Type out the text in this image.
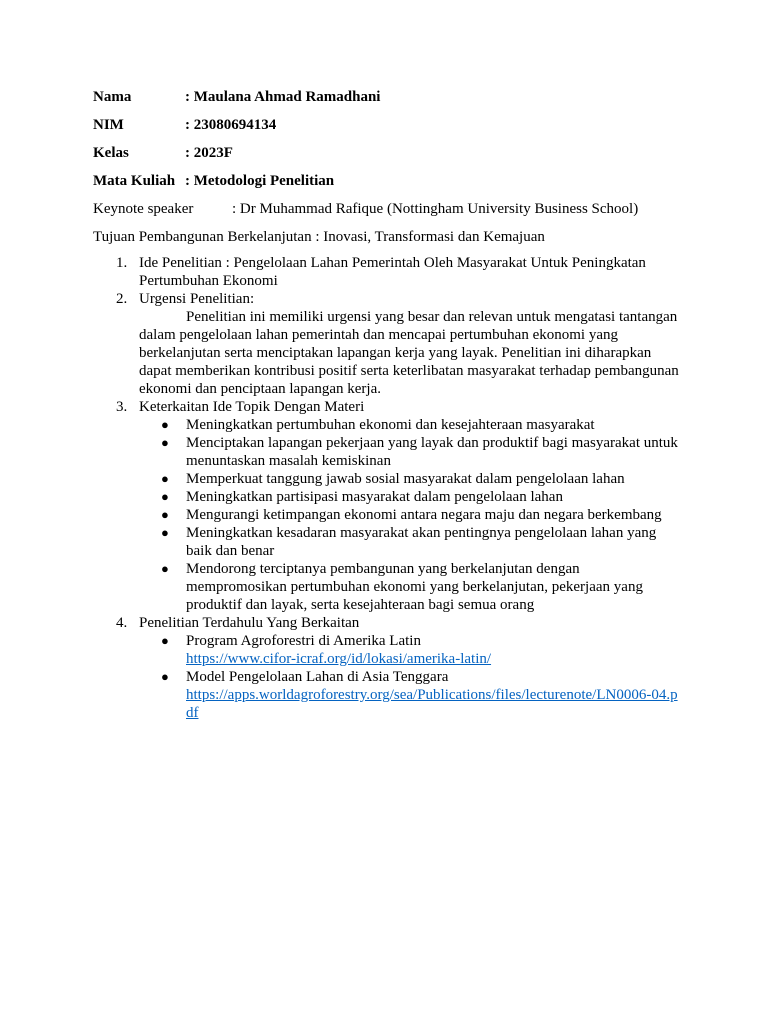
Nama	: Maulana Ahmad Ramadhani
NIM	: 23080694134
Kelas	: 2023F
Mata Kuliah : Metodologi Penelitian
Keynote speaker	: Dr Muhammad Rafique (Nottingham University Business School)
Tujuan Pembangunan Berkelanjutan : Inovasi, Transformasi dan Kemajuan
1. Ide Penelitian : Pengelolaan Lahan Pemerintah Oleh Masyarakat Untuk Peningkatan Pertumbuhan Ekonomi
2. Urgensi Penelitian:
Penelitian ini memiliki urgensi yang besar dan relevan untuk mengatasi tantangan dalam pengelolaan lahan pemerintah dan mencapai pertumbuhan ekonomi yang berkelanjutan serta menciptakan lapangan kerja yang layak. Penelitian ini diharapkan dapat memberikan kontribusi positif serta keterlibatan masyarakat terhadap pembangunan ekonomi dan penciptaan lapangan kerja.
3. Keterkaitan Ide Topik Dengan Materi
● Meningkatkan pertumbuhan ekonomi dan kesejahteraan masyarakat
● Menciptakan lapangan pekerjaan yang layak dan produktif bagi masyarakat untuk menuntaskan masalah kemiskinan
● Memperkuat tanggung jawab sosial masyarakat dalam pengelolaan lahan
● Meningkatkan partisipasi masyarakat dalam pengelolaan lahan
● Mengurangi ketimpangan ekonomi antara negara maju dan negara berkembang
● Meningkatkan kesadaran masyarakat akan pentingnya pengelolaan lahan yang baik dan benar
● Mendorong terciptanya pembangunan yang berkelanjutan dengan mempromosikan pertumbuhan ekonomi yang berkelanjutan, pekerjaan yang produktif dan layak, serta kesejahteraan bagi semua orang
4. Penelitian Terdahulu Yang Berkaitan
● Program Agroforestri di Amerika Latin
https://www.cifor-icraf.org/id/lokasi/amerika-latin/
● Model Pengelolaan Lahan di Asia Tenggara
https://apps.worldagroforestry.org/sea/Publications/files/lecturenote/LN0006-04.pdf
